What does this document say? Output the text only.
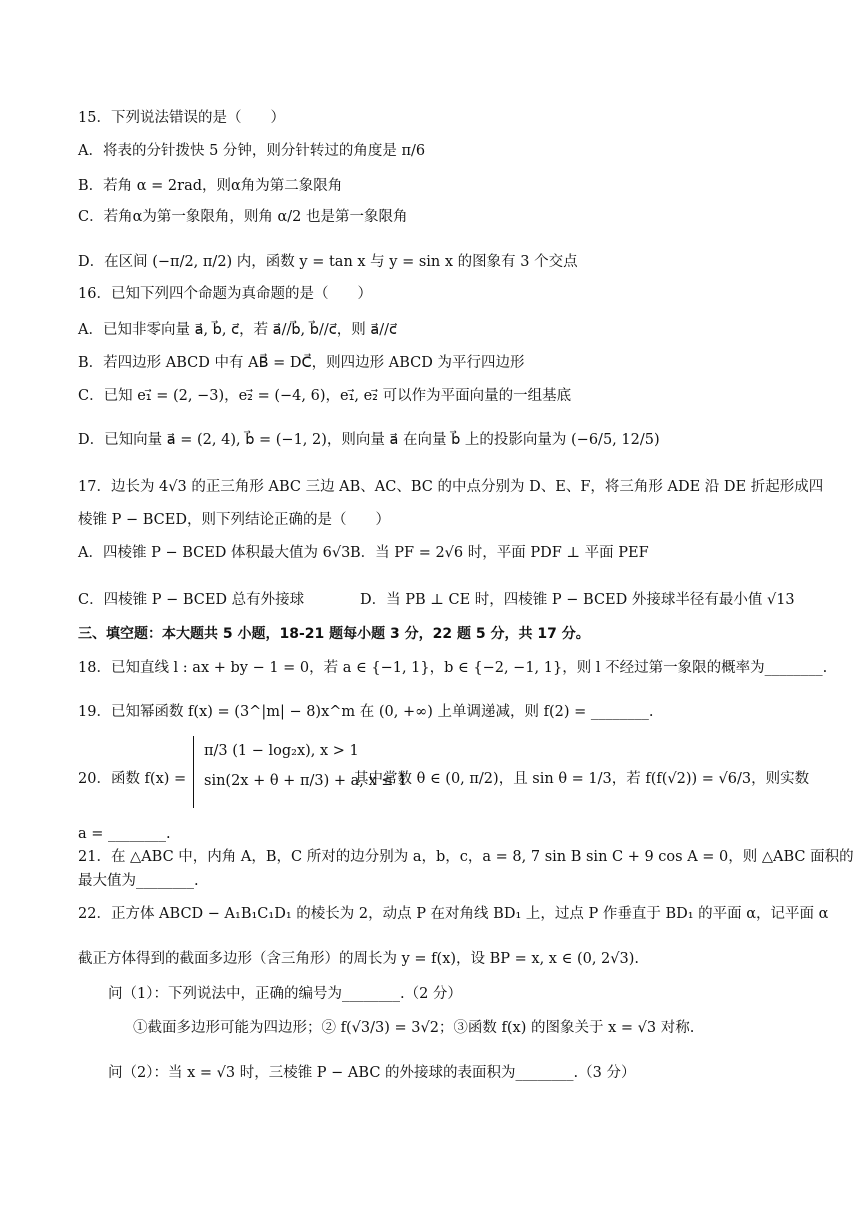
15．下列说法错误的是（　　）
A．将表的分针拨快 5 分钟，则分针转过的角度是 π/6
B．若角 α = 2rad，则α角为第二象限角
C．若角α为第一象限角，则角 α/2 也是第一象限角
D．在区间 (−π/2, π/2) 内，函数 y = tan x 与 y = sin x 的图象有 3 个交点
16．已知下列四个命题为真命题的是（　　）
A．已知非零向量 a⃗, b⃗, c⃗，若 a⃗//b⃗, b⃗//c⃗，则 a⃗//c⃗
B．若四边形 ABCD 中有 AB⃗ = DC⃗，则四边形 ABCD 为平行四边形
C．已知 e₁⃗ = (2, −3)，e₂⃗ = (−4, 6)，e₁⃗, e₂⃗ 可以作为平面向量的一组基底
D．已知向量 a⃗ = (2, 4), b⃗ = (−1, 2)，则向量 a⃗ 在向量 b⃗ 上的投影向量为 (−6/5, 12/5)
17．边长为 4√3 的正三角形 ABC 三边 AB、AC、BC 的中点分别为 D、E、F，将三角形 ADE 沿 DE 折起形成四
棱锥 P − BCED，则下列结论正确的是（　　）
A．四棱锥 P − BCED 体积最大值为 6√3 B．当 PF = 2√6 时，平面 PDF ⊥ 平面 PEF
C．四棱锥 P − BCED 总有外接球	D．当 PB ⊥ CE 时，四棱锥 P − BCED 外接球半径有最小值 √13
三、填空题：本大题共 5 小题，18-21 题每小题 3 分，22 题 5 分，共 17 分。
18．已知直线 l : ax + by − 1 = 0，若 a ∈ {−1, 1}，b ∈ {−2, −1, 1}，则 l 不经过第一象限的概率为________.
19．已知幂函数 f(x) = (3^|m| − 8)x^m 在 (0, +∞) 上单调递减，则 f(2) = ________.
20．函数 f(x) =
π/3 (1 − log₂x), x > 1
sin(2x + θ + π/3) + a, x ≤ 1
其中常数 θ ∈ (0, π/2)，且 sin θ = 1/3，若 f(f(√2)) = √6/3，则实数
a = ________.
21．在 △ABC 中，内角 A，B，C 所对的边分别为 a，b，c，a = 8, 7 sin B sin C + 9 cos A = 0，则 △ABC 面积的
最大值为________.
22．正方体 ABCD − A₁B₁C₁D₁ 的棱长为 2，动点 P 在对角线 BD₁ 上，过点 P 作垂直于 BD₁ 的平面 α，记平面 α
截正方体得到的截面多边形（含三角形）的周长为 y = f(x)，设 BP = x, x ∈ (0, 2√3).
问（1）：下列说法中，正确的编号为________.（2 分）
①截面多边形可能为四边形；② f(√3/3) = 3√2；③函数 f(x) 的图象关于 x = √3 对称.
问（2）：当 x = √3 时，三棱锥 P − ABC 的外接球的表面积为________.（3 分）
